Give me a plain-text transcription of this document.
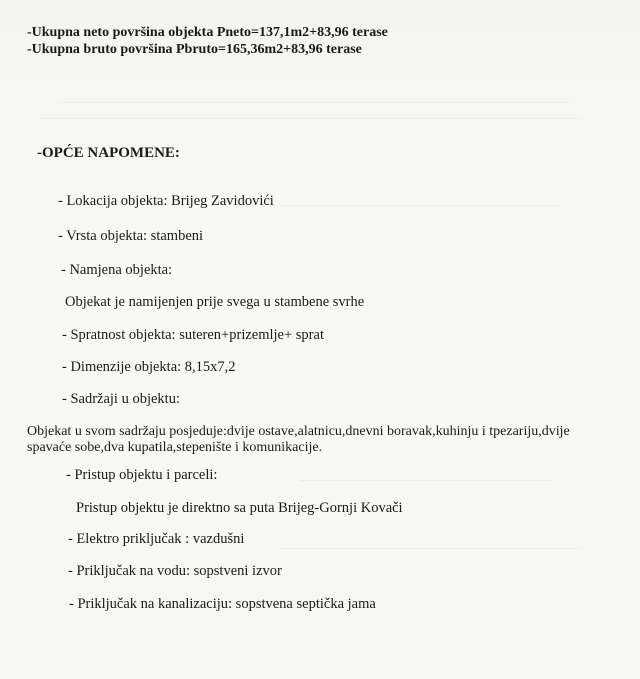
-Ukupna neto površina objekta Pneto=137,1m2+83,96 terase
-Ukupna bruto površina Pbruto=165,36m2+83,96 terase
-OPĆE NAPOMENE:
- Lokacija objekta: Brijeg Zavidovići
- Vrsta objekta: stambeni
- Namjena objekta:
Objekat je namijenjen prije svega u stambene svrhe
- Spratnost objekta: suteren+prizemlje+ sprat
- Dimenzije objekta: 8,15x7,2
- Sadržaji u objektu:
Objekat u svom sadržaju posjeduje:dvije ostave,alatnicu,dnevni boravak,kuhinju i tpezariju,dvije spavaće sobe,dva kupatila,stepenište i komunikacije.
- Pristup objektu i parceli:
Pristup objektu je direktno sa puta Brijeg-Gornji Kovači
- Elektro priključak : vazdušni
- Priključak na vodu: sopstveni izvor
- Priključak na kanalizaciju: sopstvena septička jama
